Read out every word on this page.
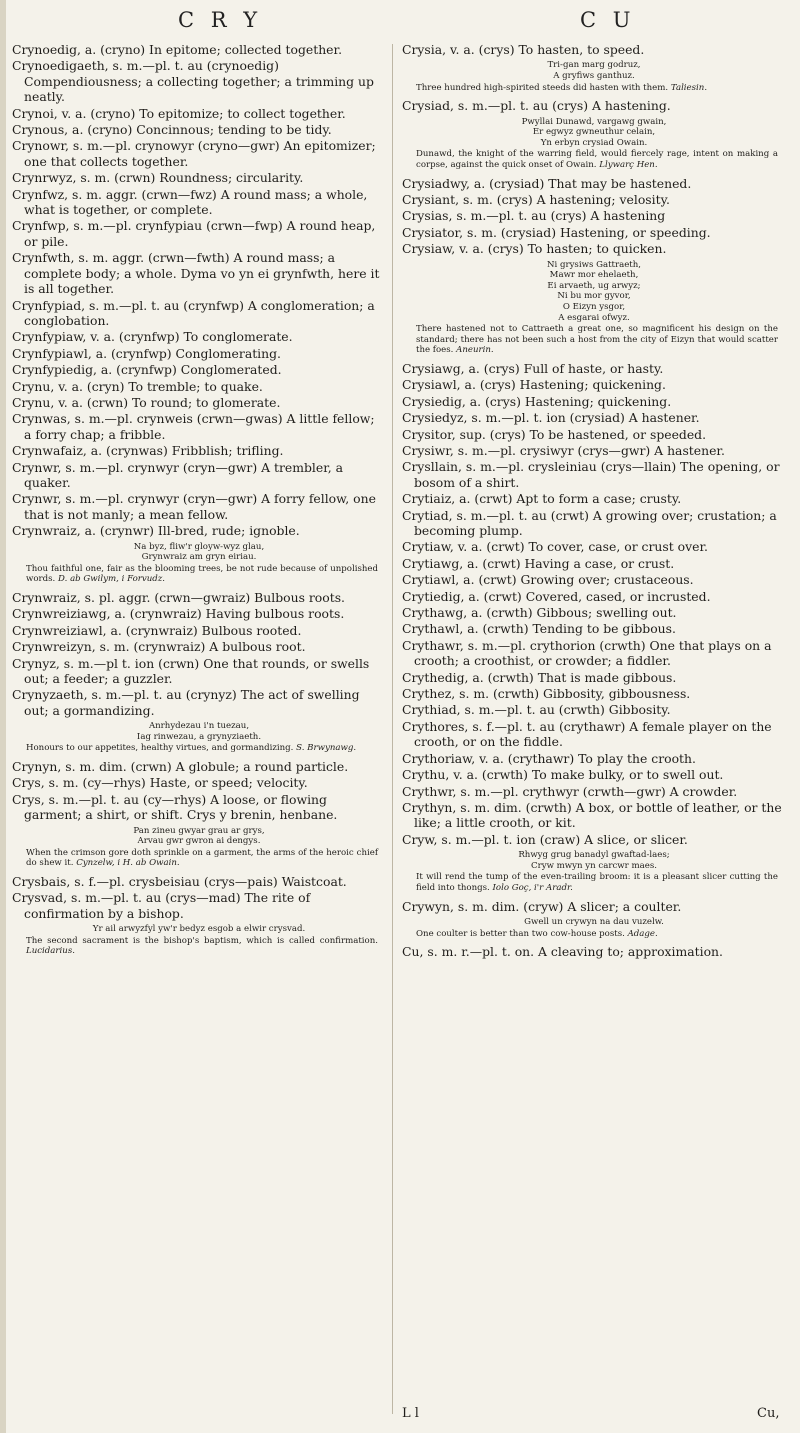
C R Y	C U

Crynoedig, a. (cryno) In epitome; collected together.

Crynoedigaeth, s. m.—pl. t. au (crynoedig) Compendiousness; a collecting together; a trimming up neatly.

Crynoi, v. a. (cryno) To epitomize; to collect together.

Crynous, a. (cryno) Concinnous; tending to be tidy.

Crynowr, s. m.—pl. crynowyr (cryno—gwr) An epitomizer; one that collects together.

Crynrwyz, s. m. (crwn) Roundness; circularity.

Crynfwz, s. m. aggr. (crwn—fwz) A round mass; a whole, what is together, or complete.

Crynfwp, s. m.—pl. crynfypiau (crwn—fwp) A round heap, or pile.

Crynfwth, s. m. aggr. (crwn—fwth) A round mass; a complete body; a whole. Dyma vo yn ei grynfwth, here it is all together.

Crynfypiad, s. m.—pl. t. au (crynfwp) A conglomeration; a conglobation.

Crynfypiaw, v. a. (crynfwp) To conglomerate.

Crynfypiawl, a. (crynfwp) Conglomerating.

Crynfypiedig, a. (crynfwp) Conglomerated.

Crynu, v. a. (cryn) To tremble; to quake.

Crynu, v. a. (crwn) To round; to glomerate.

Crynwas, s. m.—pl. crynweis (crwn—gwas) A little fellow; a forry chap; a fribble.

Crynwafaiz, a. (crynwas) Fribblish; trifling.

Crynwr, s. m.—pl. crynwyr (cryn—gwr) A trembler, a quaker.

Crynwr, s. m.—pl. crynwyr (cryn—gwr) A forry fellow, one that is not manly; a mean fellow.

Crynwraiz, a. (crynwr) Ill-bred, rude; ignoble.

Na byz, fliw'r gloyw-wyz glau,
Grynwraiz am gryn eiriau.
Thou faithful one, fair as the blooming trees, be not rude because of unpolished words. D. ab Gwilym, i Forvudz.

Crynwraiz, s. pl. aggr. (crwn—gwraiz) Bulbous roots.

Crynwreiziawg, a. (crynwraiz) Having bulbous roots.

Crynwreiziawl, a. (crynwraiz) Bulbous rooted.

Crynwreizyn, s. m. (crynwraiz) A bulbous root.

Crynyz, s. m.—pl t. ion (crwn) One that rounds, or swells out; a feeder; a guzzler.

Crynyzaeth, s. m.—pl. t. au (crynyz) The act of swelling out; a gormandizing.

Anrhydezau i'n tuezau,
Iag rinwezau, a grynyziaeth.
Honours to our appetites, healthy virtues, and gormandizing. S. Brwynawg.

Crynyn, s. m. dim. (crwn) A globule; a round particle.

Crys, s. m. (cy—rhys) Haste, or speed; velocity.

Crys, s. m.—pl. t. au (cy—rhys) A loose, or flowing garment; a shirt, or shift. Crys y brenin, henbane.

Pan zineu gwyar grau ar grys,
Arvau gwr gwron ai dengys.
When the crimson gore doth sprinkle on a garment, the arms of the heroic chief do shew it. Cynzelw, i H. ab Owain.

Crysbais, s. f.—pl. crysbeisiau (crys—pais) Waistcoat.

Crysvad, s. m.—pl. t. au (crys—mad) The rite of confirmation by a bishop.

Yr ail arwyzfyl yw'r bedyz esgob a elwir crysvad.
The second sacrament is the bishop's baptism, which is called confirmation. Lucidarius.

Crysia, v. a. (crys) To hasten, to speed.

Tri-gan marg godruz,
A gryfiws ganthuz.
Three hundred high-spirited steeds did hasten with them. Taliesin.

Crysiad, s. m.—pl. t. au (crys) A hastening.

Pwyllai Dunawd, vargawg gwain,
Er egwyz gwneuthur celain,
Yn erbyn crysiad Owain.
Dunawd, the knight of the warring field, would fiercely rage, intent on making a corpse, against the quick onset of Owain. Llywarç Hen.

Crysiadwy, a. (crysiad) That may be hastened.

Crysiant, s. m. (crys) A hastening; velosity.

Crysias, s. m.—pl. t. au (crys) A hastening

Crysiator, s. m. (crysiad) Hastening, or speeding.

Crysiaw, v. a. (crys) To hasten; to quicken.

Ni grysiws Gattraeth,
Mawr mor ehelaeth,
Ei arvaeth, ug arwyz;
Ni bu mor gyvor,
O Eizyn ysgor,
A esgarai ofwyz.
There hastened not to Cattraeth a great one, so magnificent his design on the standard; there has not been such a host from the city of Eizyn that would scatter the foes. Aneurin.

Crysiawg, a. (crys) Full of haste, or hasty.

Crysiawl, a. (crys) Hastening; quickening.

Crysiedig, a. (crys) Hastening; quickening.

Crysiedyz, s. m.—pl. t. ion (crysiad) A hastener.

Crysitor, sup. (crys) To be hastened, or speeded.

Crysiwr, s. m.—pl. crysiwyr (crys—gwr) A hastener.

Crysllain, s. m.—pl. crysleiniau (crys—llain) The opening, or bosom of a shirt.

Crytiaiz, a. (crwt) Apt to form a case; crusty.

Crytiad, s. m.—pl. t. au (crwt) A growing over; crustation; a becoming plump.

Crytiaw, v. a. (crwt) To cover, case, or crust over.

Crytiawg, a. (crwt) Having a case, or crust.

Crytiawl, a. (crwt) Growing over; crustaceous.

Crytiedig, a. (crwt) Covered, cased, or incrusted.

Crythawg, a. (crwth) Gibbous; swelling out.

Crythawl, a. (crwth) Tending to be gibbous.

Crythawr, s. m.—pl. crythorion (crwth) One that plays on a crooth; a croothist, or crowder; a fiddler.

Crythedig, a. (crwth) That is made gibbous.

Crythez, s. m. (crwth) Gibbosity, gibbousness.

Crythiad, s. m.—pl. t. au (crwth) Gibbosity.

Crythores, s. f.—pl. t. au (crythawr) A female player on the crooth, or on the fiddle.

Crythoriaw, v. a. (crythawr) To play the crooth.

Crythu, v. a. (crwth) To make bulky, or to swell out.

Crythwr, s. m.—pl. crythwyr (crwth—gwr) A crowder.

Crythyn, s. m. dim. (crwth) A box, or bottle of leather, or the like; a little crooth, or kit.

Cryw, s. m.—pl. t. ion (craw) A slice, or slicer.

Rhwyg grug banadyl gwaftad-laes;
Cryw mwyn yn carcwr maes.
It will rend the tump of the even-trailing broom: it is a pleasant slicer cutting the field into thongs. Iolo Goç, i'r Aradr.

Crywyn, s. m. dim. (cryw) A slicer; a coulter.

Gwell un crywyn na dau vuzelw.
One coulter is better than two cow-house posts. Adage.

Cu, s. m. r.—pl. t. on. A cleaving to; approximation.

L l	Cu,
